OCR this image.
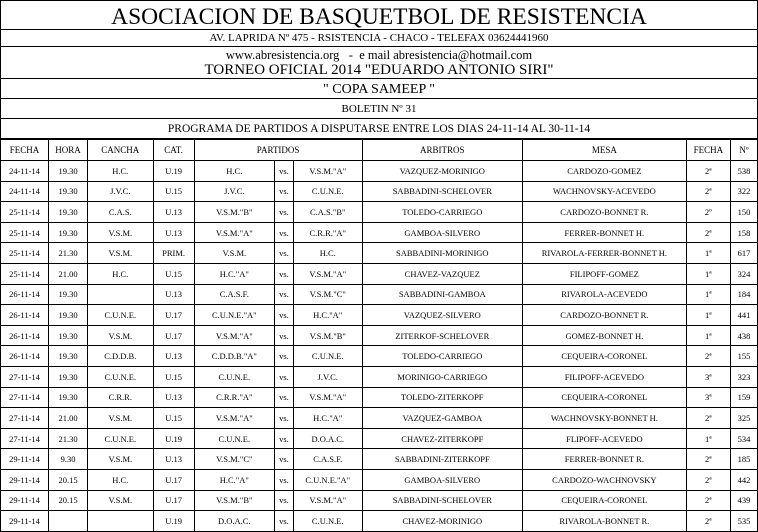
ASOCIACION DE BASQUETBOL DE RESISTENCIA
AV. LAPRIDA Nº 475 - RSISTENCIA - CHACO - TELEFAX 03624441960
www.abresistencia.org - e mail abresistencia@hotmail.com
TORNEO OFICIAL 2014 "EDUARDO ANTONIO SIRI"
" COPA SAMEEP "
BOLETIN Nº 31
PROGRAMA DE PARTIDOS A DISPUTARSE ENTRE LOS DIAS 24-11-14 AL 30-11-14
FECHA	HORA	CANCHA	CAT.	PARTIDOS			ARBITROS	MESA	FECHA	Nº
24-11-14	19.30	H.C.	U.19	H.C.	vs.	V.S.M."A"	VAZQUEZ-MORINIGO	CARDOZO-GOMEZ	2ª	538
24-11-14	19.30	J.V.C.	U.15	J.V.C.	vs.	C.U.N.E.	SABBADINI-SCHELOVER	WACHNOVSKY-ACEVEDO	2ª	322
25-11-14	19.30	C.A.S.	U.13	V.S.M."B"	vs.	C.A.S."B"	TOLEDO-CARRIEGO	CARDOZO-BONNET R.	2º	150
25-11-14	19.30	V.S.M.	U.13	V.S.M."A"	vs.	C.R.R."A"	GAMBOA-SILVERO	FERRER-BONNET H.	2ª	158
25-11-14	21.30	V.S.M.	PRIM.	V.S.M.	vs.	H.C.	SABBADINI-MORINIGO	RIVAROLA-FERRER-BONNET H.	1ª	617
25-11-14	21.00	H.C.	U.15	H.C."A"	vs.	V.S.M."A"	CHAVEZ-VAZQUEZ	FILIPOFF-GOMEZ	1ª	324
26-11-14	19.30		U.13	C.A.S.F.	vs.	V.S.M."C"	SABBADINI-GAMBOA	RIVAROLA-ACEVEDO	1ª	184
26-11-14	19.30	C.U.N.E.	U.17	C.U.N.E."A"	vs.	H.C."A"	VAZQUEZ-SILVERO	CARDOZO-BONNET R.	1ª	441
26-11-14	19.30	V.S.M.	U.17	V.S.M."A"	vs.	V.S.M."B"	ZITERKOF-SCHELOVER	GOMEZ-BONNET H.	1ª	438
26-11-14	19.30	C.D.D.B.	U.13	C.D.D.B."A"	vs.	C.U.N.E.	TOLEDO-CARRIEGO	CEQUEIRA-CORONEL	2ª	155
27-11-14	19.30	C.U.N.E.	U.15	C.U.N.E.	vs.	J.V.C.	MORINIGO-CARRIEGO	FILIPOFF-ACEVEDO	3ª	323
27-11-14	19.30	C.R.R.	U.13	C.R.R."A"	vs.	V.S.M."A"	TOLEDO-ZITERKOPF	CEQUEIRA-CORONEL	3ª	159
27-11-14	21.00	V.S.M.	U.15	V.S.M."A"	vs.	H.C."A"	VAZQUEZ-GAMBOA	WACHNOVSKY-BONNET H.	2ª	325
27-11-14	21.30	C.U.N.E.	U.19	C.U.N.E.	vs.	D.O.A.C.	CHAVEZ-ZITERKOPF	FLIPOFF-ACEVEDO	1ª	534
29-11-14	9.30	V.S.M.	U.13	V.S.M."C"	vs.	C.A.S.F.	SABBADINI-ZITERKOPF	FERRER-BONNET R.	2ª	185
29-11-14	20.15	H.C.	U.17	H.C."A"	vs.	C.U.N.E."A"	GAMBOA-SILVERO	CARDOZO-WACHNOVSKY	2ª	442
29-11-14	20.15	V.S.M.	U.17	V.S.M."B"	vs.	V.S.M."A"	SABBADINI-SCHELOVER	CEQUEIRA-CORONEL	2ª	439
29-11-14			U.19	D.O.A.C.	vs.	C.U.N.E.	CHAVEZ-MORINIGO	RIVAROLA-BONNET R.	2ª	535
